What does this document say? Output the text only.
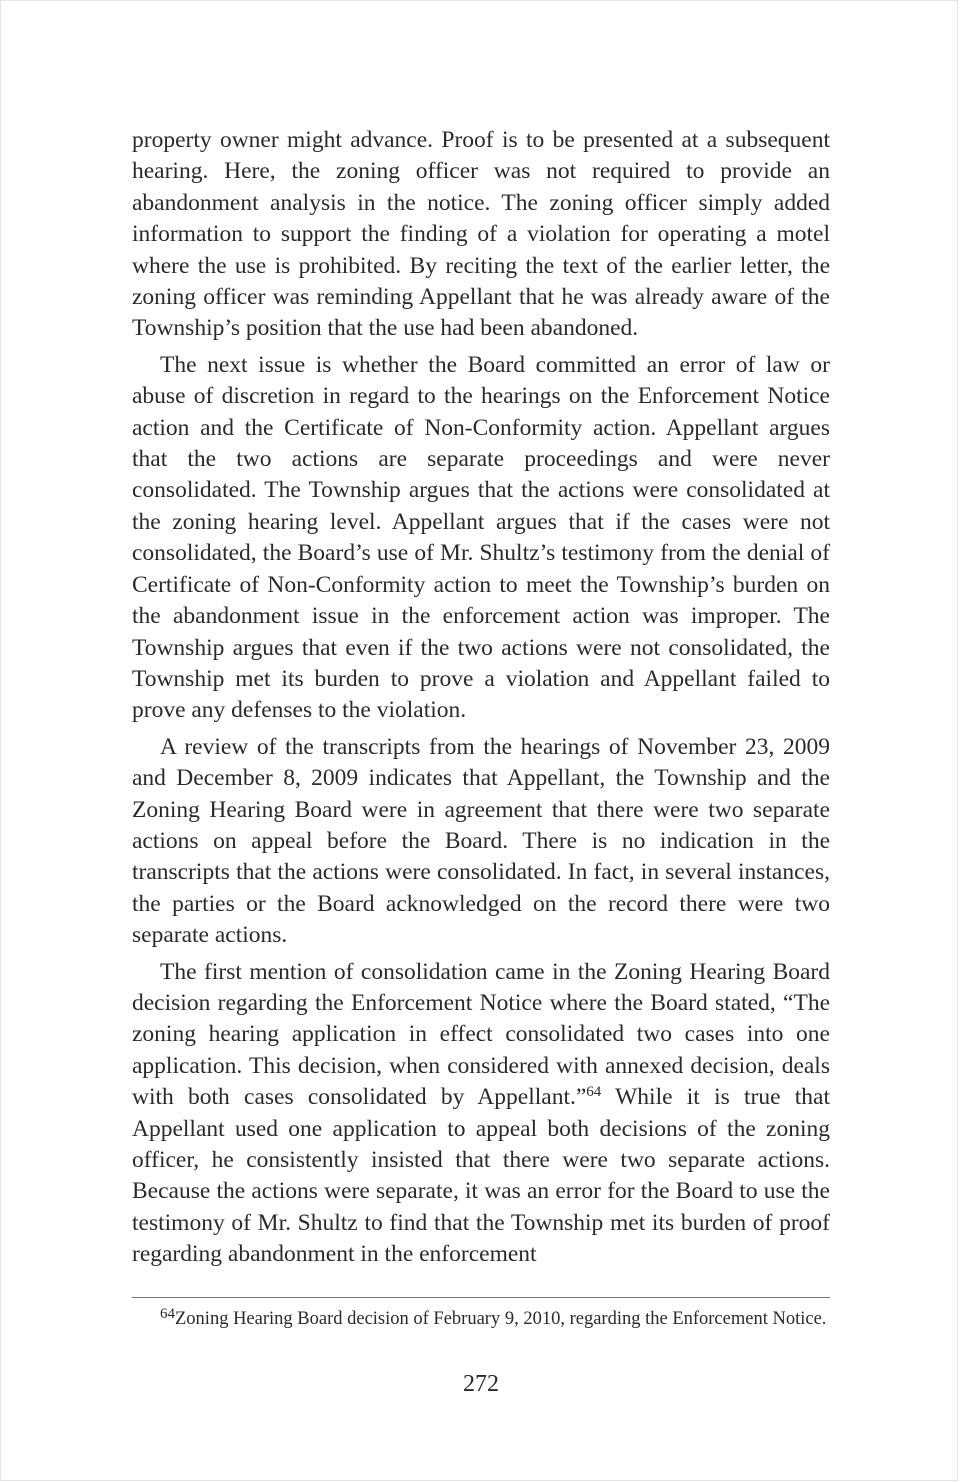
property owner might advance. Proof is to be presented at a subsequent hearing. Here, the zoning officer was not required to provide an abandonment analysis in the notice. The zoning officer simply added information to support the finding of a violation for operating a motel where the use is prohibited. By reciting the text of the earlier letter, the zoning officer was reminding Appellant that he was already aware of the Township’s position that the use had been abandoned.

The next issue is whether the Board committed an error of law or abuse of discretion in regard to the hearings on the Enforcement Notice action and the Certificate of Non-Conformity action. Appellant argues that the two actions are separate proceedings and were never consolidated. The Township argues that the actions were consolidated at the zoning hearing level. Appellant argues that if the cases were not consolidated, the Board’s use of Mr. Shultz’s testimony from the denial of Certificate of Non-Conformity action to meet the Township’s burden on the abandonment issue in the enforcement action was improper. The Township argues that even if the two actions were not consolidated, the Township met its burden to prove a violation and Appellant failed to prove any defenses to the violation.

A review of the transcripts from the hearings of November 23, 2009 and December 8, 2009 indicates that Appellant, the Township and the Zoning Hearing Board were in agreement that there were two separate actions on appeal before the Board. There is no indication in the transcripts that the actions were consolidated. In fact, in several instances, the parties or the Board acknowledged on the record there were two separate actions.

The first mention of consolidation came in the Zoning Hearing Board decision regarding the Enforcement Notice where the Board stated, “The zoning hearing application in effect consolidated two cases into one application. This decision, when considered with annexed decision, deals with both cases consolidated by Appellant.”$^{64}$ While it is true that Appellant used one application to appeal both decisions of the zoning officer, he consistently insisted that there were two separate actions. Because the actions were separate, it was an error for the Board to use the testimony of Mr. Shultz to find that the Township met its burden of proof regarding abandonment in the enforcement

$^{64}$Zoning Hearing Board decision of February 9, 2010, regarding the Enforcement Notice.

272
